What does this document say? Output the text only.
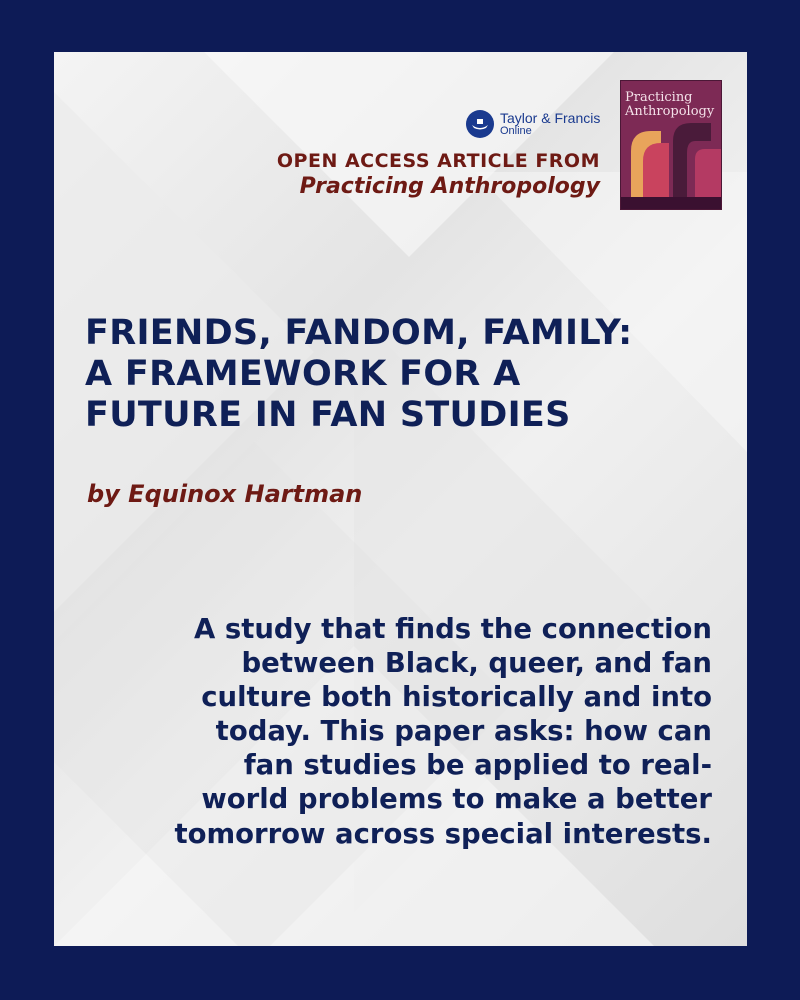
Taylor & Francis
Online
OPEN ACCESS ARTICLE FROM
Practicing Anthropology
Practicing Anthropology
FRIENDS, FANDOM, FAMILY:
A FRAMEWORK FOR A
FUTURE IN FAN STUDIES
by Equinox Hartman
A study that finds the connection
between Black, queer, and fan
culture both historically and into
today. This paper asks: how can
fan studies be applied to real-
world problems to make a better
tomorrow across special interests.
